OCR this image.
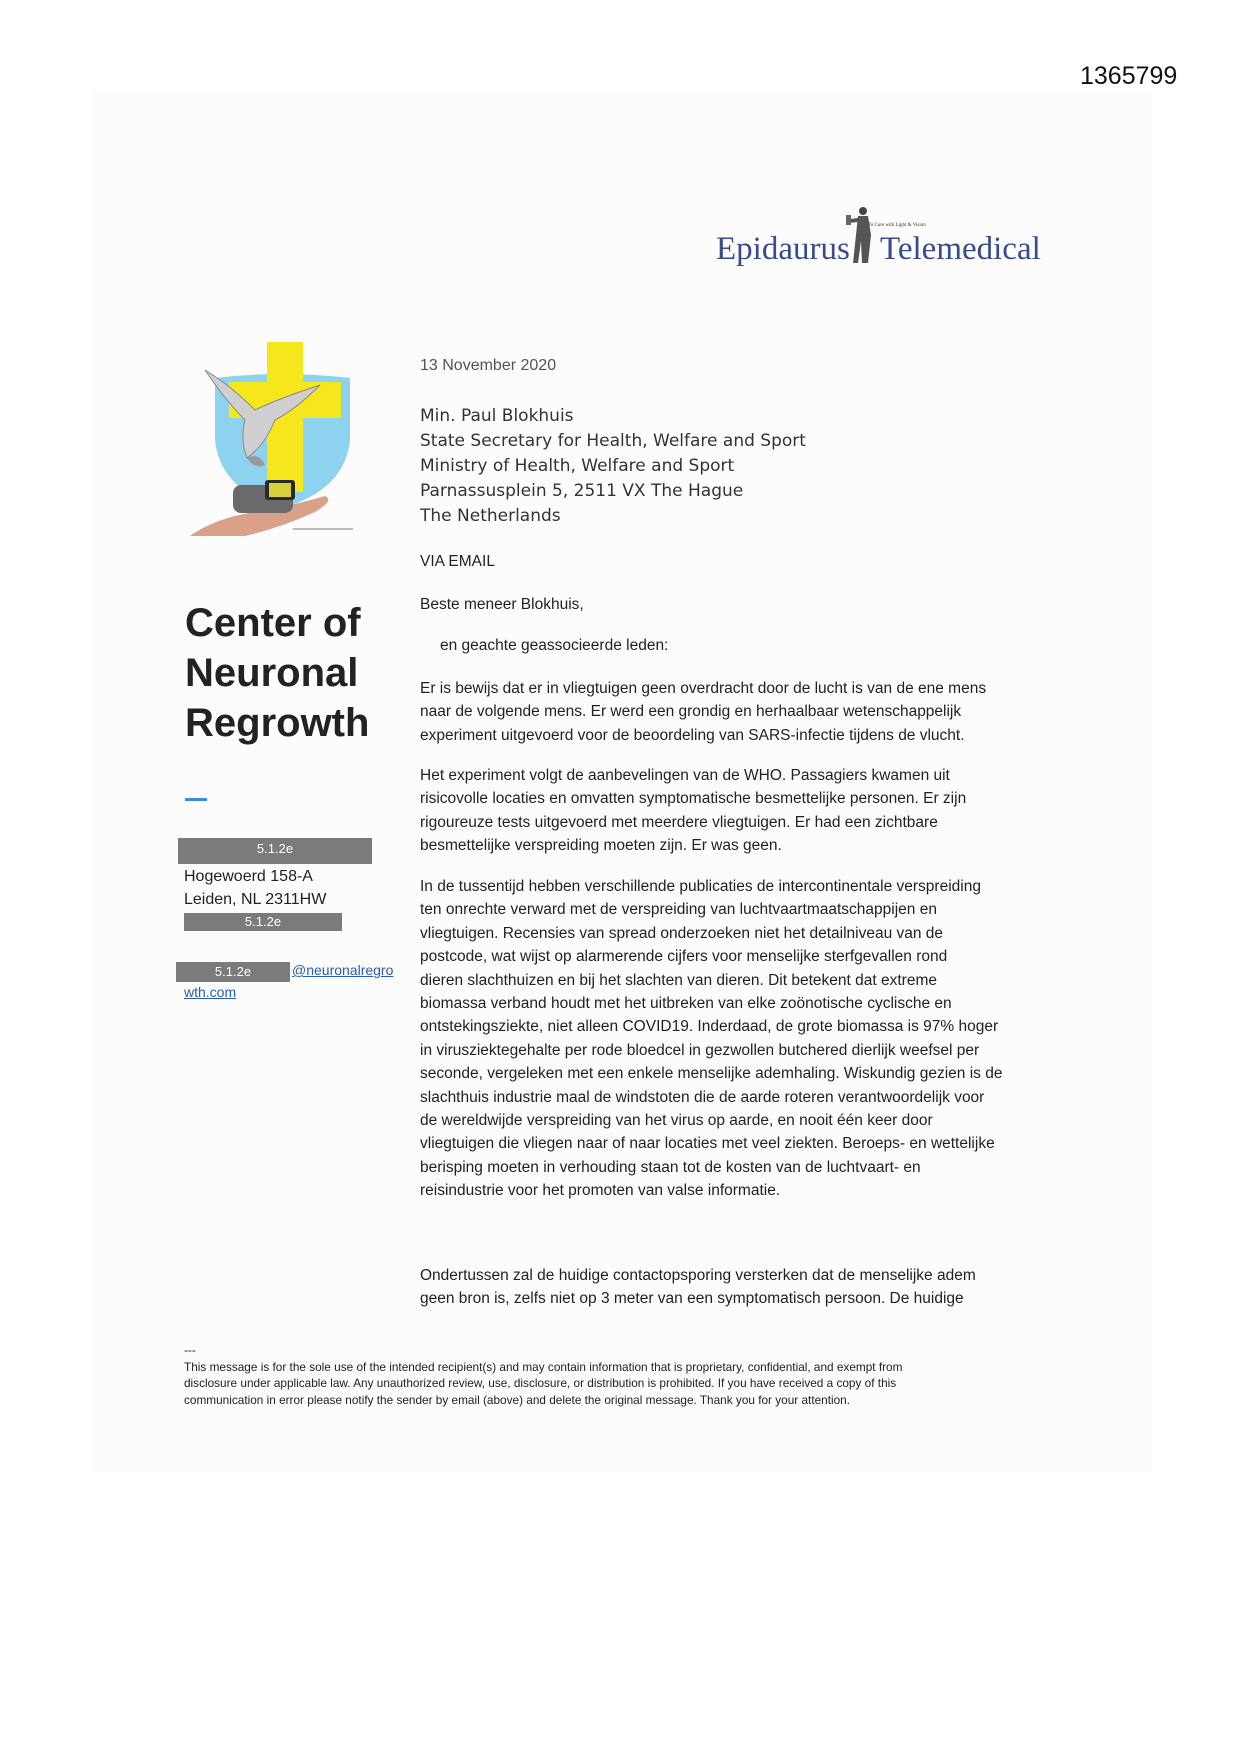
1365799
Epidaurus
To Cure with Light & Vision
Telemedical
Center of
Neuronal
Regrowth
5.1.2e
Hogewoerd 158-A
Leiden, NL 2311HW
5.1.2e
5.1.2e	@neuronalregro
wth.com
13 November 2020
Min. Paul Blokhuis
State Secretary for Health, Welfare and Sport
Ministry of Health, Welfare and Sport
Parnassusplein 5, 2511 VX The Hague
The Netherlands
VIA EMAIL
Beste meneer Blokhuis,
en geachte geassocieerde leden:
Er is bewijs dat er in vliegtuigen geen overdracht door de lucht is van de ene mens
naar de volgende mens. Er werd een grondig en herhaalbaar wetenschappelijk
experiment uitgevoerd voor de beoordeling van SARS-infectie tijdens de vlucht.
Het experiment volgt de aanbevelingen van de WHO. Passagiers kwamen uit
risicovolle locaties en omvatten symptomatische besmettelijke personen. Er zijn
rigoureuze tests uitgevoerd met meerdere vliegtuigen. Er had een zichtbare
besmettelijke verspreiding moeten zijn. Er was geen.
In de tussentijd hebben verschillende publicaties de intercontinentale verspreiding
ten onrechte verward met de verspreiding van luchtvaartmaatschappijen en
vliegtuigen. Recensies van spread onderzoeken niet het detailniveau van de
postcode, wat wijst op alarmerende cijfers voor menselijke sterfgevallen rond
dieren slachthuizen en bij het slachten van dieren. Dit betekent dat extreme
biomassa verband houdt met het uitbreken van elke zoönotische cyclische en
ontstekingsziekte, niet alleen COVID19. Inderdaad, de grote biomassa is 97% hoger
in virusziektegehalte per rode bloedcel in gezwollen butchered dierlijk weefsel per
seconde, vergeleken met een enkele menselijke ademhaling. Wiskundig gezien is de
slachthuis industrie maal de windstoten die de aarde roteren verantwoordelijk voor
de wereldwijde verspreiding van het virus op aarde, en nooit één keer door
vliegtuigen die vliegen naar of naar locaties met veel ziekten. Beroeps- en wettelijke
berisping moeten in verhouding staan tot de kosten van de luchtvaart- en
reisindustrie voor het promoten van valse informatie.
Ondertussen zal de huidige contactopsporing versterken dat de menselijke adem
geen bron is, zelfs niet op 3 meter van een symptomatisch persoon. De huidige
---
This message is for the sole use of the intended recipient(s) and may contain information that is proprietary, confidential, and exempt from
disclosure under applicable law. Any unauthorized review, use, disclosure, or distribution is prohibited. If you have received a copy of this
communication in error please notify the sender by email (above) and delete the original message. Thank you for your attention.
